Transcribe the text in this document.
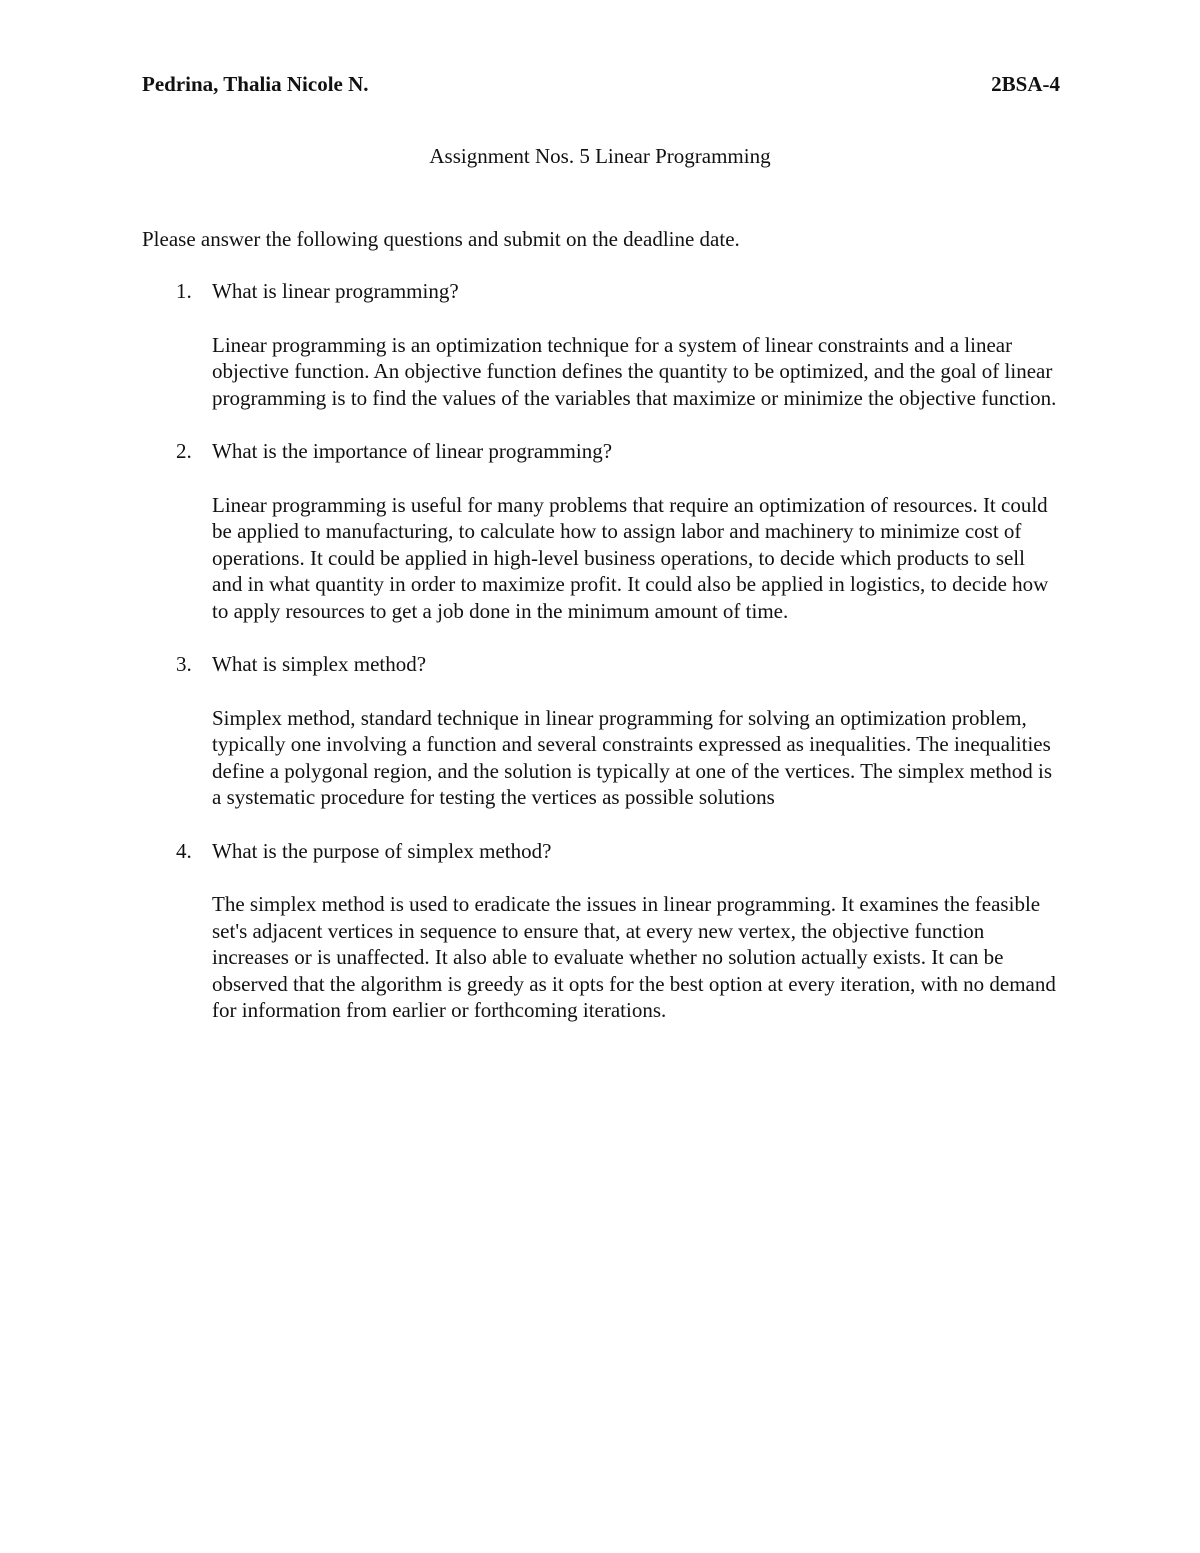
Pedrina, Thalia Nicole N.	2BSA-4
Assignment Nos. 5 Linear Programming
Please answer the following questions and submit on the deadline date.
1. What is linear programming?

Linear programming is an optimization technique for a system of linear constraints and a linear objective function. An objective function defines the quantity to be optimized, and the goal of linear programming is to find the values of the variables that maximize or minimize the objective function.

2. What is the importance of linear programming?

Linear programming is useful for many problems that require an optimization of resources. It could be applied to manufacturing, to calculate how to assign labor and machinery to minimize cost of operations. It could be applied in high-level business operations, to decide which products to sell and in what quantity in order to maximize profit. It could also be applied in logistics, to decide how to apply resources to get a job done in the minimum amount of time.

3. What is simplex method?

Simplex method, standard technique in linear programming for solving an optimization problem, typically one involving a function and several constraints expressed as inequalities. The inequalities define a polygonal region, and the solution is typically at one of the vertices. The simplex method is a systematic procedure for testing the vertices as possible solutions

4. What is the purpose of simplex method?

The simplex method is used to eradicate the issues in linear programming. It examines the feasible set's adjacent vertices in sequence to ensure that, at every new vertex, the objective function increases or is unaffected. It also able to evaluate whether no solution actually exists. It can be observed that the algorithm is greedy as it opts for the best option at every iteration, with no demand for information from earlier or forthcoming iterations.
